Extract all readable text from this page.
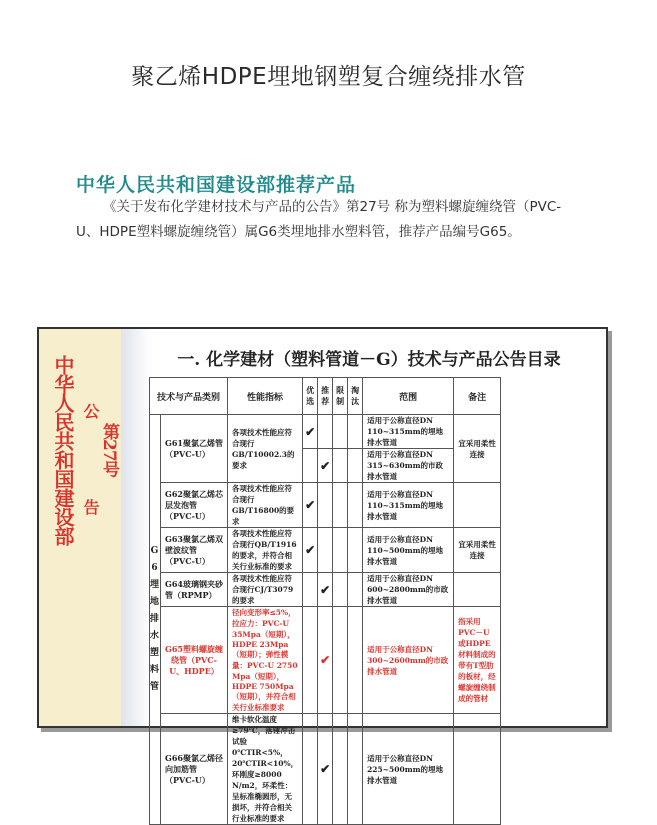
聚乙烯HDPE埋地钢塑复合缠绕排水管
中华人民共和国建设部推荐产品

《关于发布化学建材技术与产品的公告》第27号 称为塑料螺旋缠绕管（PVC-U、HDPE塑料螺旋缠绕管）属G6类埋地排水塑料管，推荐产品编号G65。

中华人民共和国建设部 公
告
第27号
一. 化学建材（塑料管道－G）技术与产品公告目录
技术与产品类别		性能指标	优选	推荐	限制	淘汰	范围	备注

G6埋地排水塑料管	G61聚氯乙烯管（PVC-U）	各项技术性能应符合现行GB/T10002.3的要求	✔				适用于公称直径DN 110~315mm的埋地排水管道	宜采用柔性连接
				✔			适用于公称直径DN 315~630mm的市政排水管道	
	G62聚氯乙烯芯层发泡管（PVC-U）	各项技术性能应符合现行GB/T16800的要求	✔				适用于公称直径DN 110~315mm的埋地排水管道	
	G63聚氯乙烯双壁波纹管（PVC-U）	各项技术性能应符合现行QB/T1916的要求，并符合相关行业标准的要求	✔				适用于公称直径DN 110~500mm的埋地排水管道	宜采用柔性连接
	G64玻璃钢夹砂管（RPMP）	各项技术性能应符合现行CJ/T3079的要求		✔			适用于公称直径DN 600~2800mm的市政排水管道	
	G65塑料螺旋缠绕管（PVC-U、HDPE）	径向变形率≤5%，拉应力：PVC-U 35Mpa（短期），HDPE 23Mpa（短期）；弹性模量：PVC-U 2750 Mpa（短期），HDPE 750Mpa（短期），并符合相关行业标准要求		✔			适用于公称直径DN 300~2600mm的市政排水管道	指采用PVC－U或HDPE材料制成的带有T型肋的板材，经螺旋缠绕制成的管材
	G66聚氯乙烯径向加筋管（PVC-U）	维卡软化温度≥79℃，落锤冲击试验0℃TIR<5%，20℃TIR<10%，环刚度≥8000 N/m2，环柔性：呈标准椭圆形，无损坏，并符合相关行业标准的要求		✔			适用于公称直径DN 225~500mm的埋地排水管道	
